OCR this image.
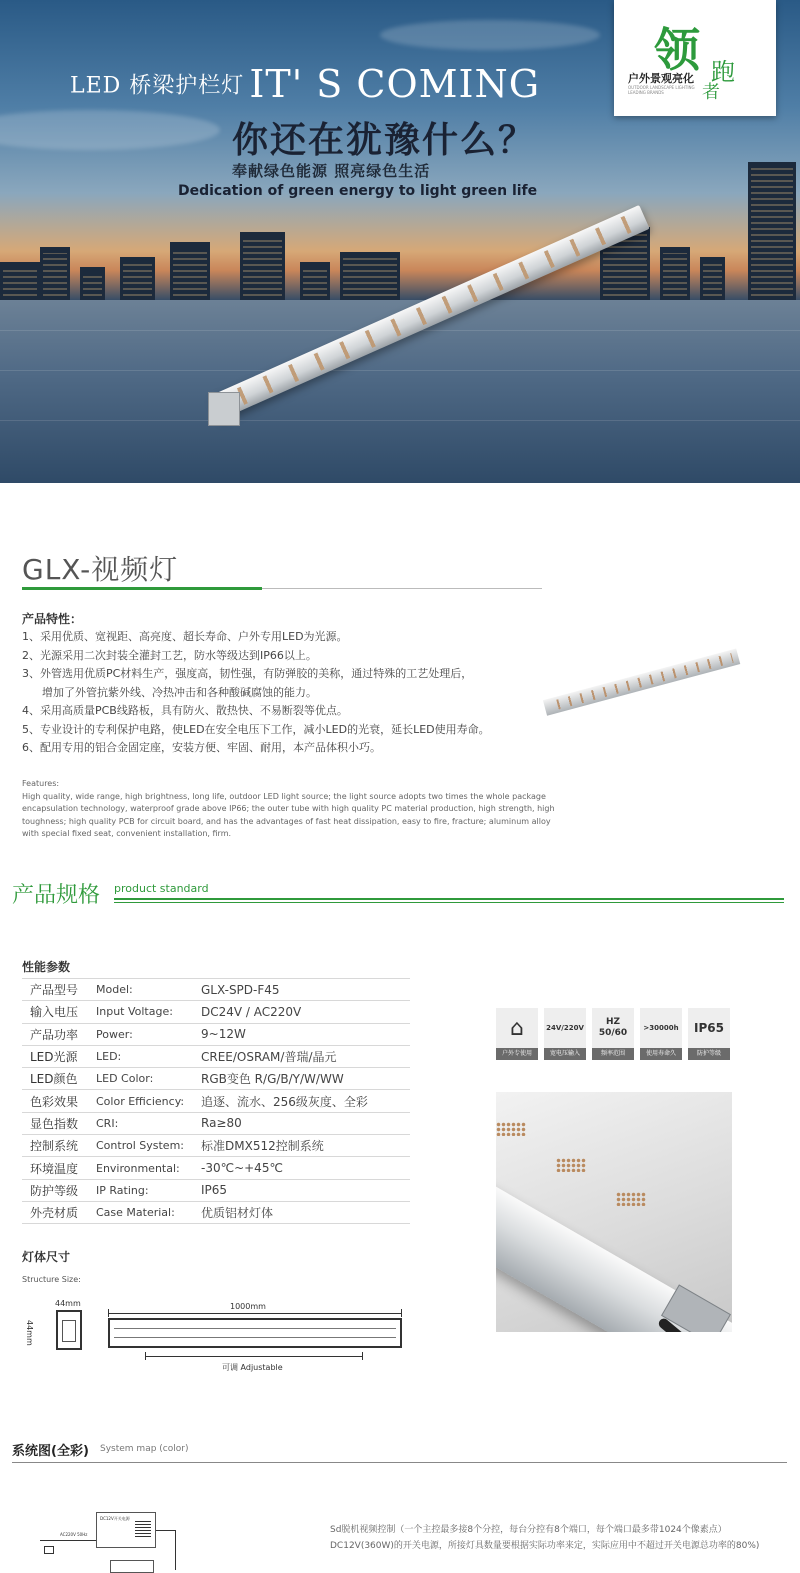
LED 桥梁护栏灯 IT' S COMING
你还在犹豫什么？
奉献绿色能源 照亮绿色生活
Dedication of green energy to light green life
领 跑
者
户外景观亮化
OUTDOOR LANDSCAPE LIGHTING LEADING BRANDS
GLX-视频灯
产品特性：
1、采用优质、宽视距、高亮度、超长寿命、户外专用LED为光源。
2、光源采用二次封装全灌封工艺，防水等级达到IP66以上。
3、外管选用优质PC材料生产，强度高，韧性强，有防弹胶的美称，通过特殊的工艺处理后，
增加了外管抗紫外线、冷热冲击和各种酸碱腐蚀的能力。
4、采用高质量PCB线路板，具有防火、散热快、不易断裂等优点。
5、专业设计的专利保护电路，使LED在安全电压下工作，减小LED的光衰，延长LED使用寿命。
6、配用专用的铝合金固定座，安装方便、牢固、耐用，本产品体积小巧。
Features:
High quality, wide range, high brightness, long life, outdoor LED light source; the light source adopts two times the whole package encapsulation technology, waterproof grade above IP66; the outer tube with high quality PC material production, high strength, high toughness; high quality PCB for circuit board, and has the advantages of fast heat dissipation, easy to fire, fracture; aluminum alloy with special fixed seat, convenient installation, firm.
产品规格 product standard
性能参数
产品型号	Model:	GLX-SPD-F45
输入电压	Input Voltage:	DC24V / AC220V
产品功率	Power:	9~12W
LED光源	LED:	CREE/OSRAM/普瑞/晶元
LED颜色	LED Color:	RGB变色 R/G/B/Y/W/WW
色彩效果	Color Efficiency:	追逐、流水、256级灰度、全彩
显色指数	CRI:	Ra≥80
控制系统	Control System:	标准DMX512控制系统
环境温度	Environmental:	-30℃~+45℃
防护等级	IP Rating:	IP65
外壳材质	Case Material:	优质铝材灯体
⌂
户外专使用
24V/220V
宽电压输入
HZ 50/60
频率范围
>30000h
使用寿命久
IP65
防护等级
灯体尺寸
Structure Size:
44mm
44mm
1000mm
可调 Adjustable
系统图(全彩) System map (color)
DC12V开关电源
AC220V 50Hz	Sd脱机视频控制（一个主控最多接8个分控，每台分控有8个端口，每个端口最多带1024个像素点）
DC12V(360W)的开关电源，所接灯具数量要根据实际功率来定，实际应用中不超过开关电源总功率的80%)
